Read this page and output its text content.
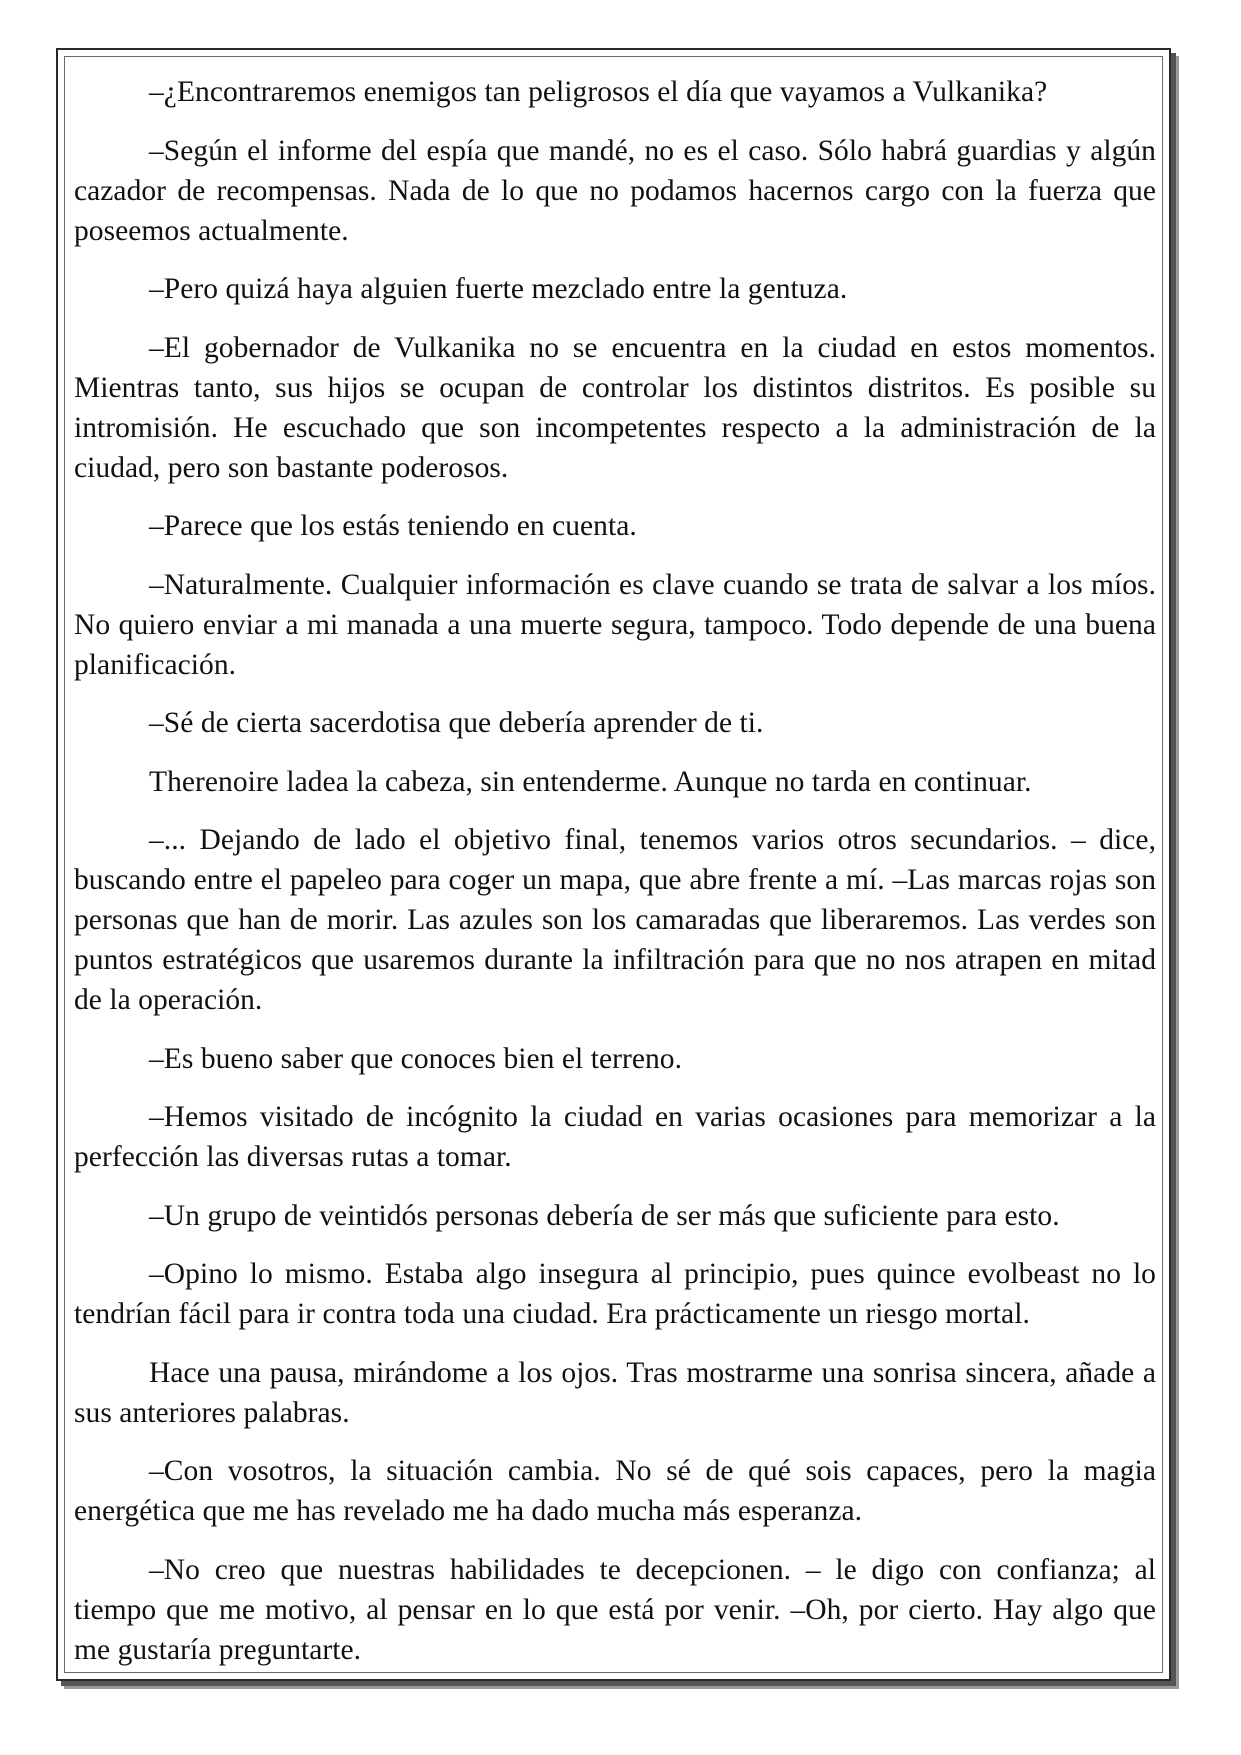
–¿Encontraremos enemigos tan peligrosos el día que vayamos a Vulkanika?

–Según el informe del espía que mandé, no es el caso. Sólo habrá guardias y algún cazador de recompensas. Nada de lo que no podamos hacernos cargo con la fuerza que poseemos actualmente.

–Pero quizá haya alguien fuerte mezclado entre la gentuza.

–El gobernador de Vulkanika no se encuentra en la ciudad en estos momentos. Mientras tanto, sus hijos se ocupan de controlar los distintos distritos. Es posible su intromisión. He escuchado que son incompetentes respecto a la administración de la ciudad, pero son bastante poderosos.

–Parece que los estás teniendo en cuenta.

–Naturalmente. Cualquier información es clave cuando se trata de salvar a los míos. No quiero enviar a mi manada a una muerte segura, tampoco. Todo depende de una buena planificación.

–Sé de cierta sacerdotisa que debería aprender de ti.

Therenoire ladea la cabeza, sin entenderme. Aunque no tarda en continuar.

–... Dejando de lado el objetivo final, tenemos varios otros secundarios. – dice, buscando entre el papeleo para coger un mapa, que abre frente a mí. –Las marcas rojas son personas que han de morir. Las azules son los camaradas que liberaremos. Las verdes son puntos estratégicos que usaremos durante la infiltración para que no nos atrapen en mitad de la operación.

–Es bueno saber que conoces bien el terreno.

–Hemos visitado de incógnito la ciudad en varias ocasiones para memorizar a la perfección las diversas rutas a tomar.

–Un grupo de veintidós personas debería de ser más que suficiente para esto.

–Opino lo mismo. Estaba algo insegura al principio, pues quince evolbeast no lo tendrían fácil para ir contra toda una ciudad. Era prácticamente un riesgo mortal.

Hace una pausa, mirándome a los ojos. Tras mostrarme una sonrisa sincera, añade a sus anteriores palabras.

–Con vosotros, la situación cambia. No sé de qué sois capaces, pero la magia energética que me has revelado me ha dado mucha más esperanza.

–No creo que nuestras habilidades te decepcionen. – le digo con confianza; al tiempo que me motivo, al pensar en lo que está por venir. –Oh, por cierto. Hay algo que me gustaría preguntarte.
